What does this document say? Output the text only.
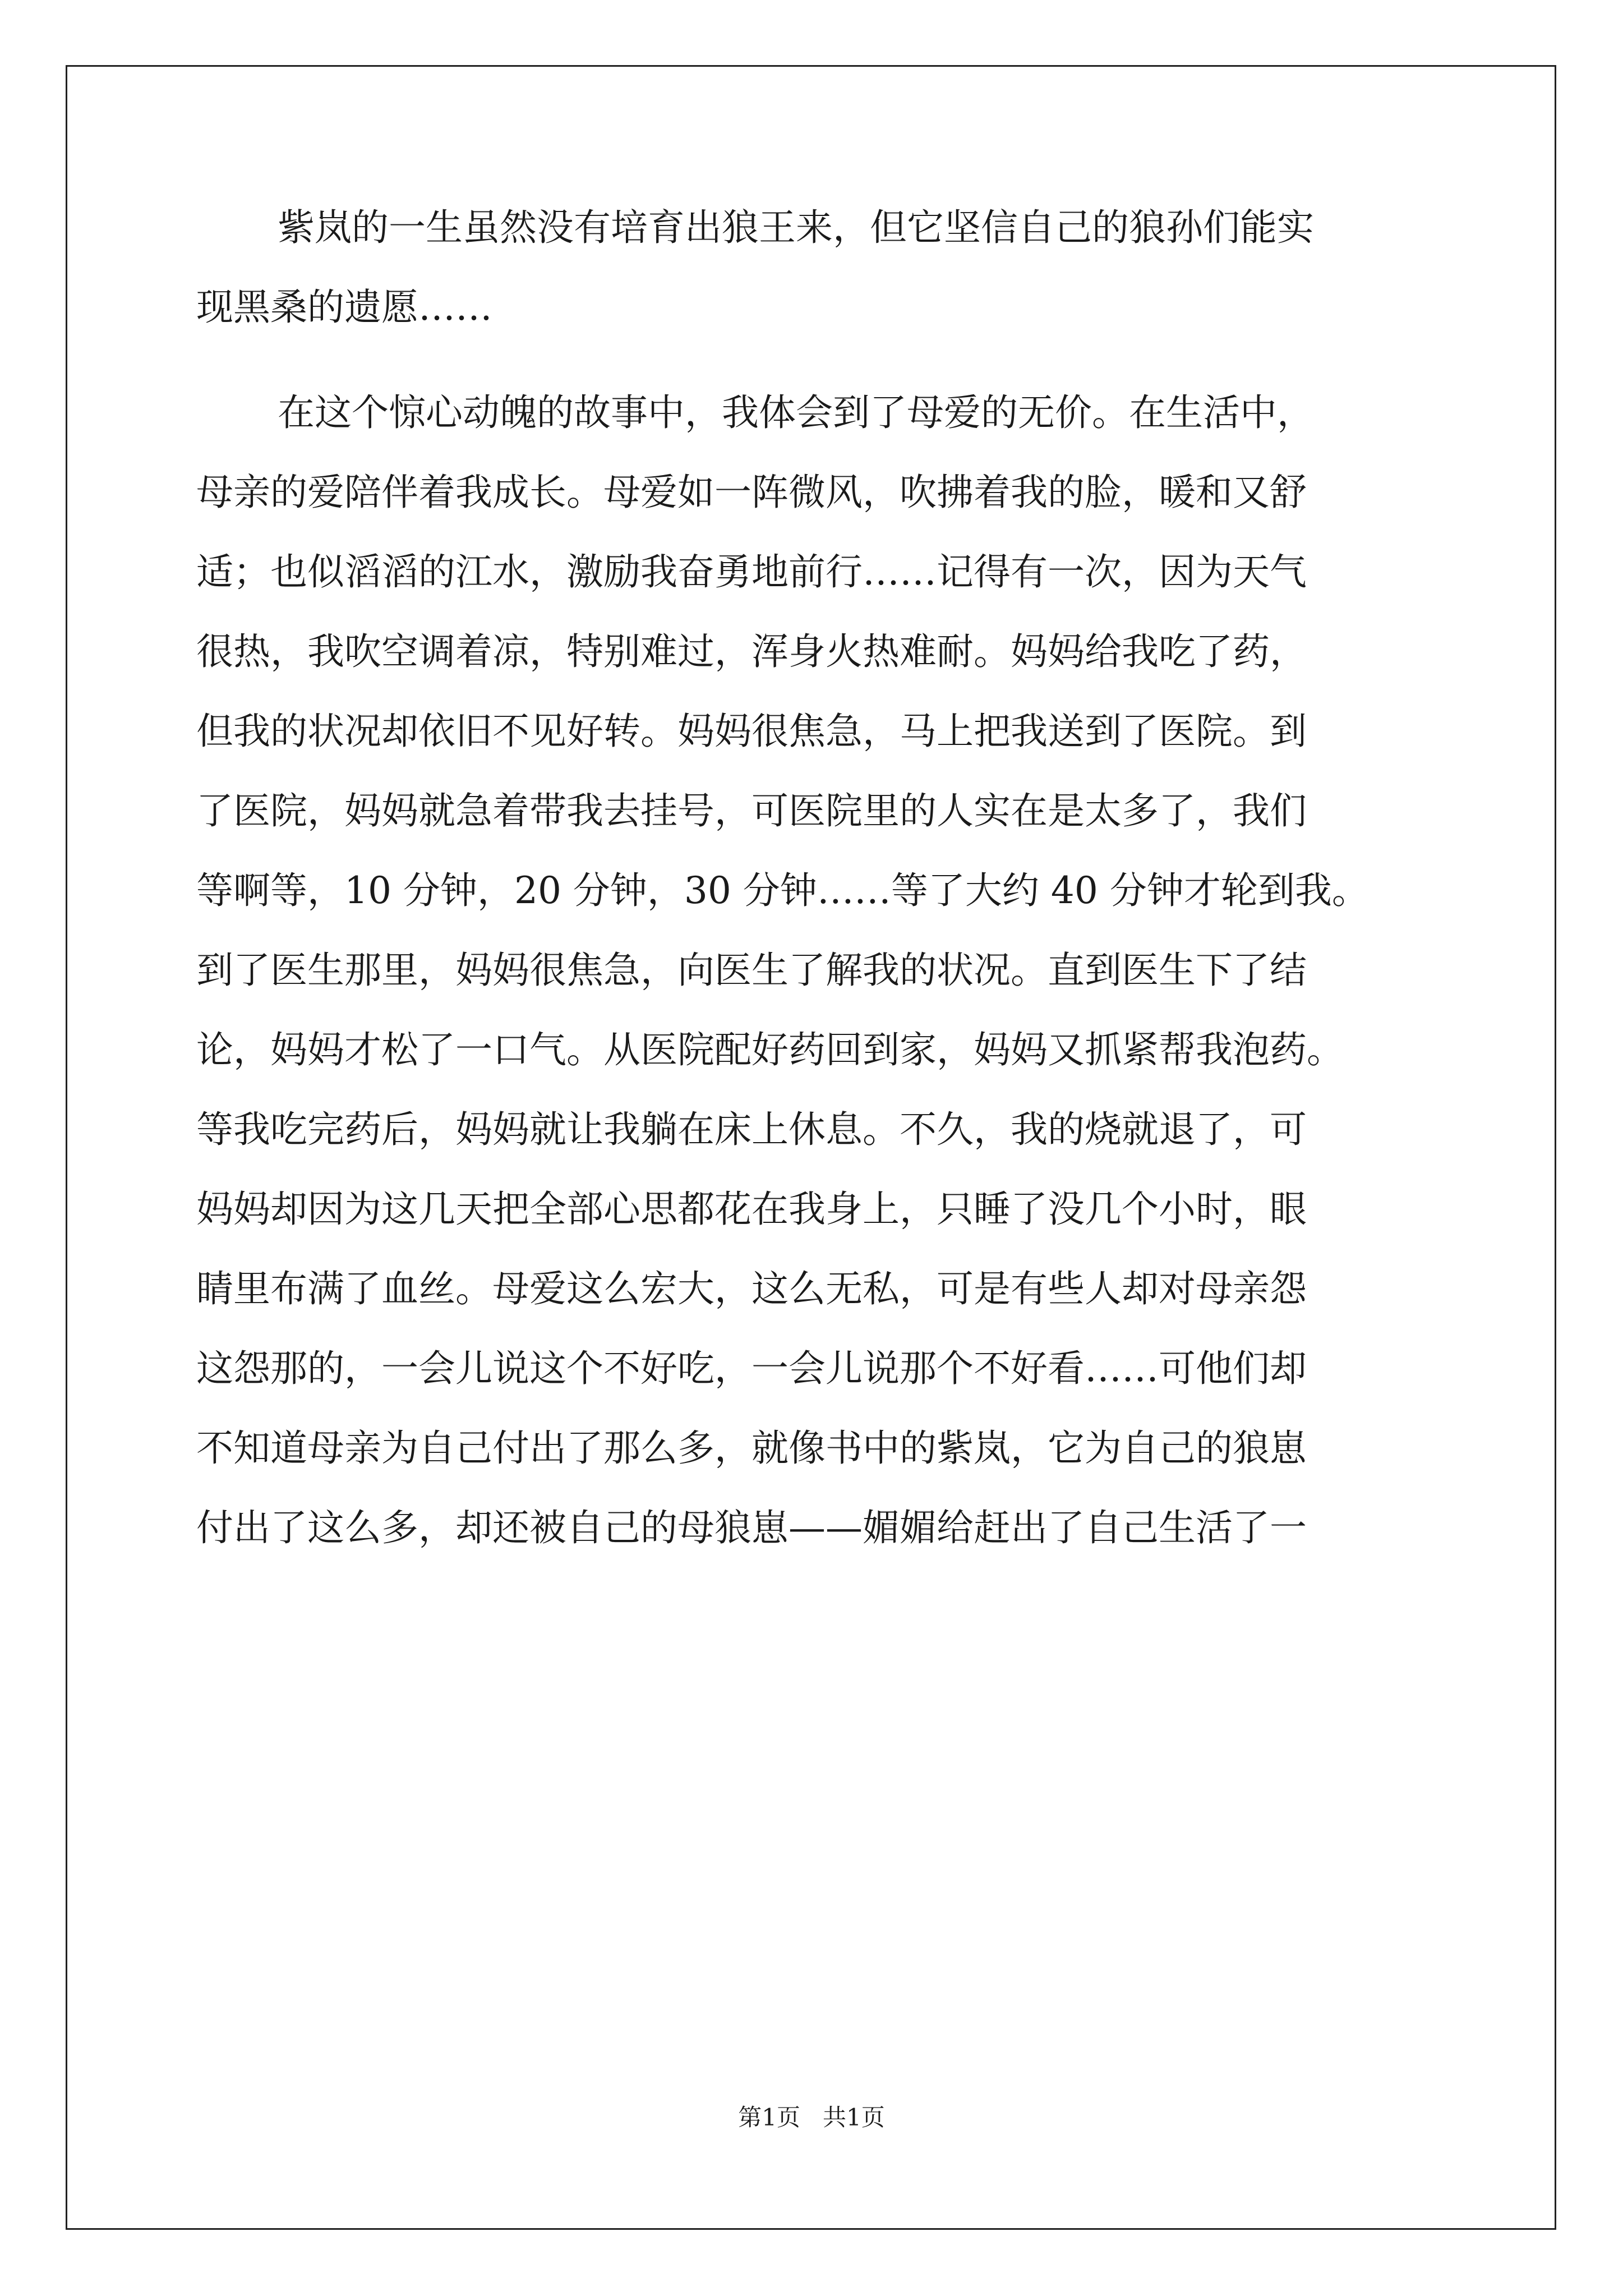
紫岚的一生虽然没有培育出狼王来，但它坚信自己的狼孙们能实
现黑桑的遗愿……
在这个惊心动魄的故事中，我体会到了母爱的无价。在生活中，
母亲的爱陪伴着我成长。母爱如一阵微风，吹拂着我的脸，暖和又舒
适；也似滔滔的江水，激励我奋勇地前行……记得有一次，因为天气
很热，我吹空调着凉，特别难过，浑身火热难耐。妈妈给我吃了药，
但我的状况却依旧不见好转。妈妈很焦急，马上把我送到了医院。到
了医院，妈妈就急着带我去挂号，可医院里的人实在是太多了，我们
等啊等，10 分钟，20 分钟，30 分钟……等了大约 40 分钟才轮到我。
到了医生那里，妈妈很焦急，向医生了解我的状况。直到医生下了结
论，妈妈才松了一口气。从医院配好药回到家，妈妈又抓紧帮我泡药。
等我吃完药后，妈妈就让我躺在床上休息。不久，我的烧就退了，可
妈妈却因为这几天把全部心思都花在我身上，只睡了没几个小时，眼
睛里布满了血丝。母爱这么宏大，这么无私，可是有些人却对母亲怨
这怨那的，一会儿说这个不好吃，一会儿说那个不好看……可他们却
不知道母亲为自己付出了那么多，就像书中的紫岚，它为自己的狼崽
付出了这么多，却还被自己的母狼崽——媚媚给赶出了自己生活了一
第1页   共1页
